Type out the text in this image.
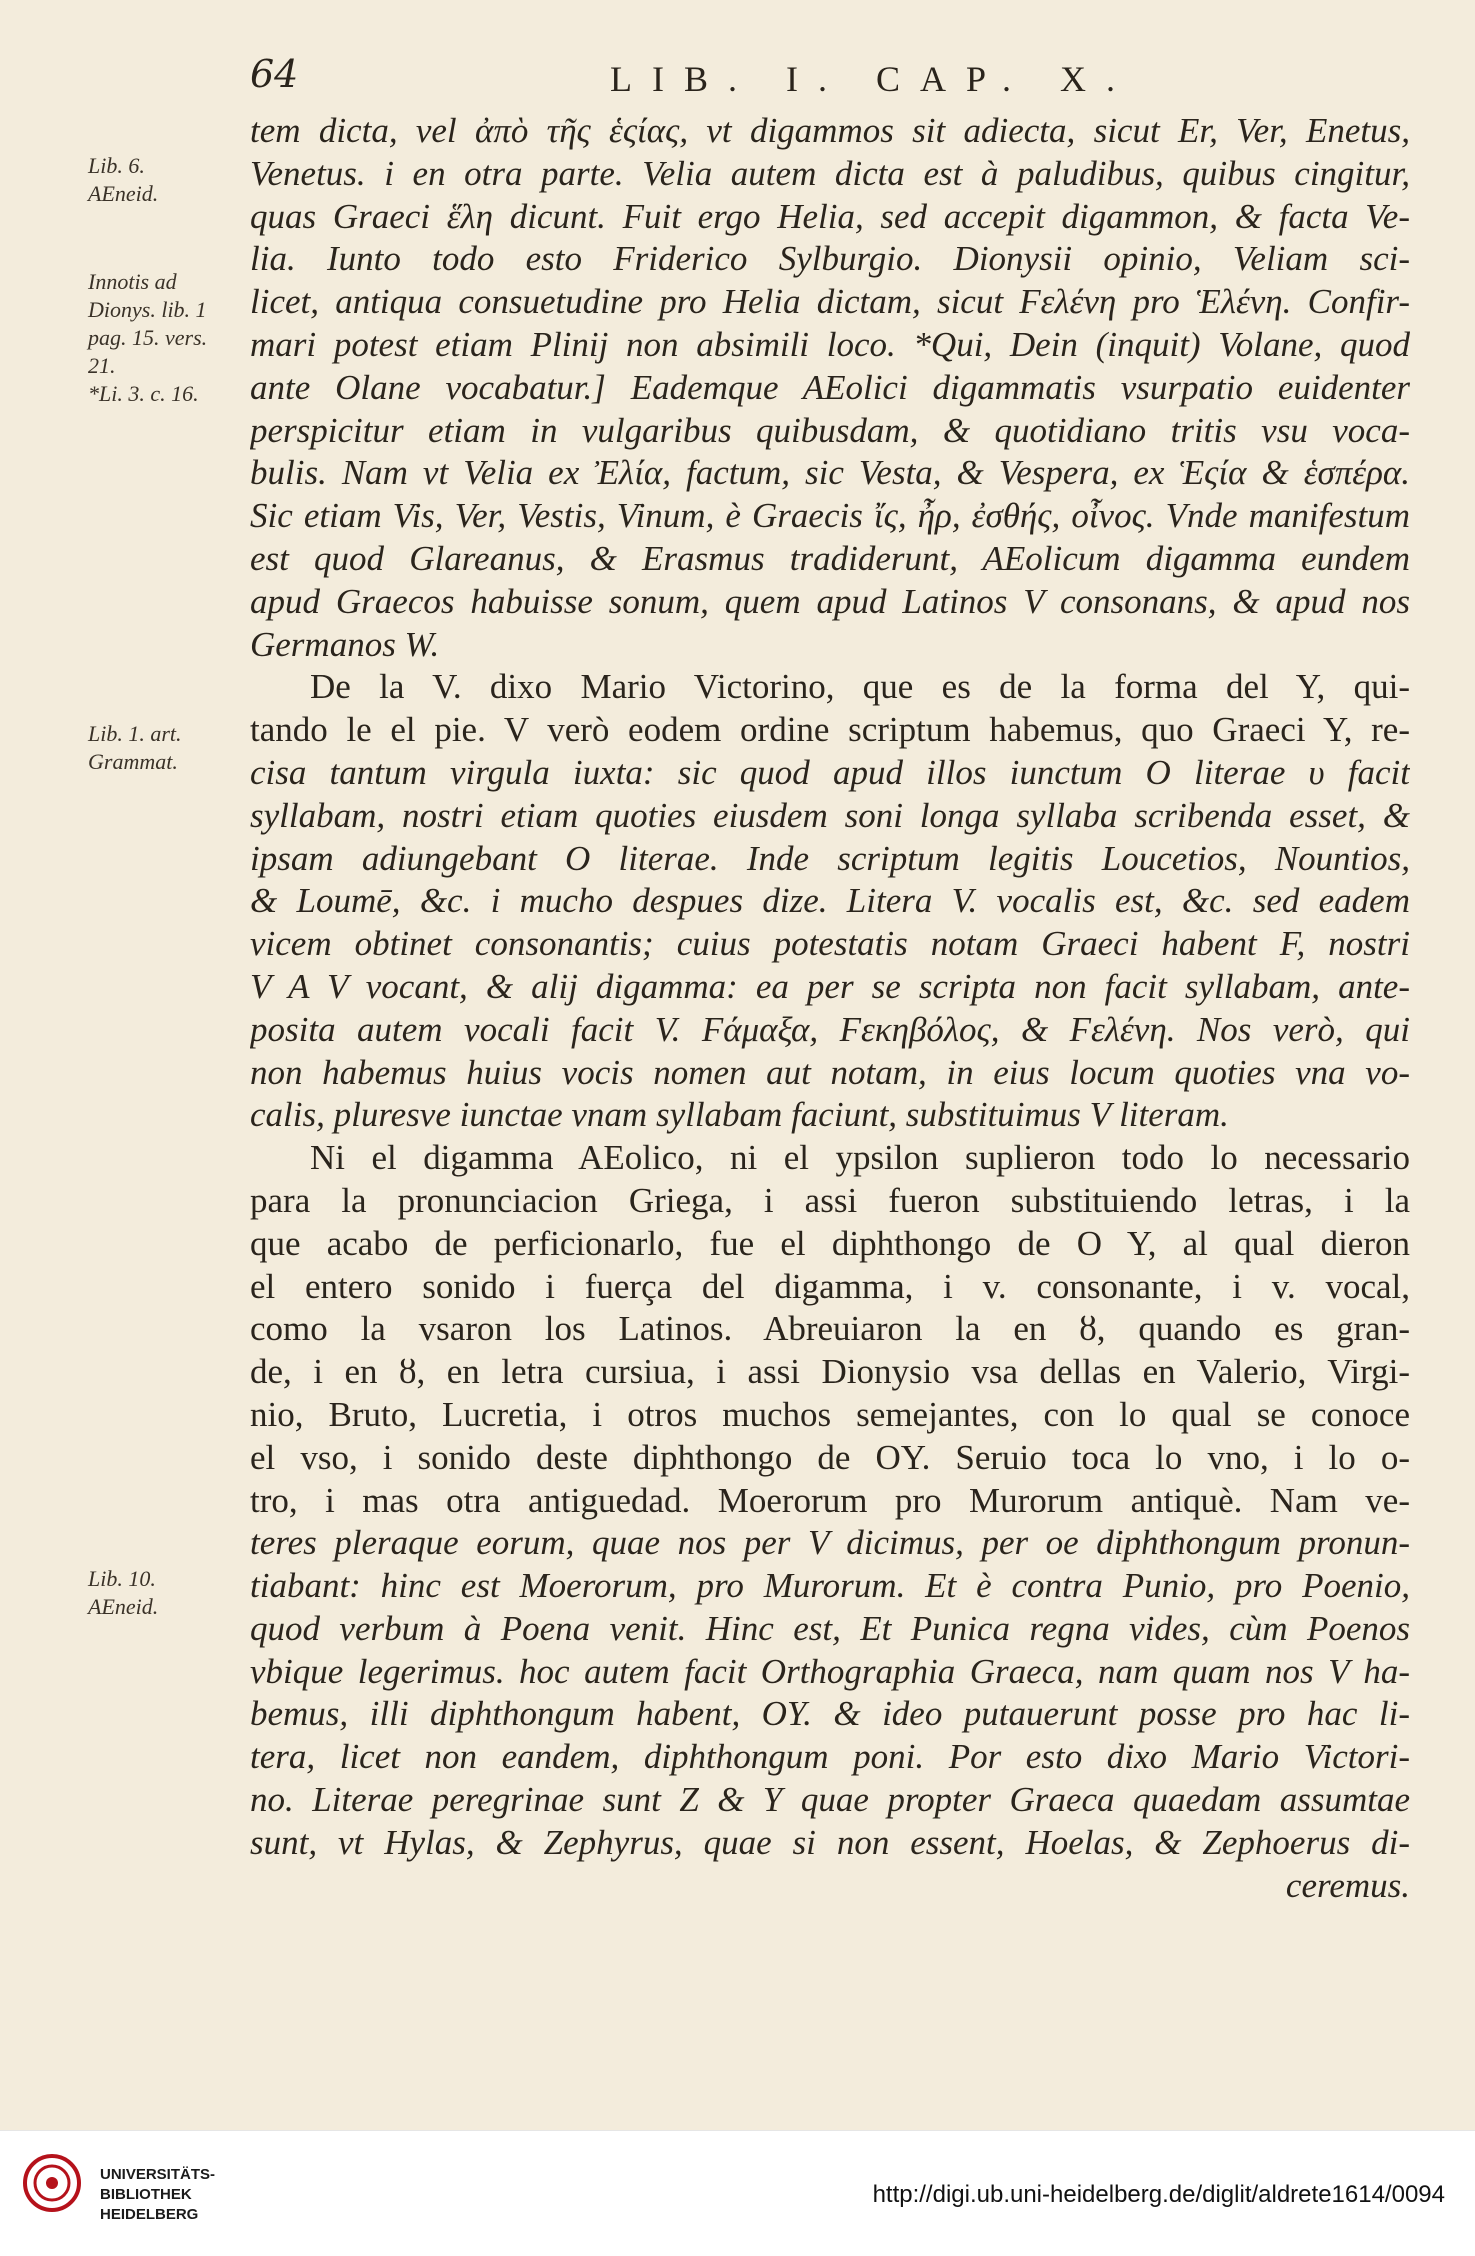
64	LIB. I. CAP. X.
Lib. 6.
AEneid.
Innotis ad
Dionys. lib. 1
pag. 15. vers.
21.
*Li. 3. c. 16.
Lib. 1. art.
Grammat.
Lib. 10.
AEneid.
tem dicta, vel ἀπὸ τῆς ἑςίας, vt digammos sit adiecta, sicut Er, Ver, Enetus,
Venetus. i en otra parte. Velia autem dicta est à paludibus, quibus cingitur,
quas Graeci ἕλη dicunt. Fuit ergo Helia, sed accepit digammon, & facta Ve-
lia. Iunto todo esto Friderico Sylburgio. Dionysii opinio, Veliam sci-
licet, antiqua consuetudine pro Helia dictam, sicut Ϝελένη pro Ἑλένη. Confir-
mari potest etiam Plinij non absimili loco. *Qui, Dein (inquit) Volane, quod
ante Olane vocabatur.] Eademque AEolici digammatis vsurpatio euidenter
perspicitur etiam in vulgaribus quibusdam, & quotidiano tritis vsu voca-
bulis. Nam vt Velia ex Ἐλία, factum, sic Vesta, & Vespera, ex Ἑςία & ἑσπέρα.
Sic etiam Vis, Ver, Vestis, Vinum, è Graecis ἴς, ἦρ, ἐσθής, οἶνος. Vnde manifestum
est quod Glareanus, & Erasmus tradiderunt, AEolicum digamma eundem
apud Graecos habuisse sonum, quem apud Latinos V consonans, & apud nos
Germanos W.
De la V. dixo Mario Victorino, que es de la forma del Y, qui-
tando le el pie. V verò eodem ordine scriptum habemus, quo Graeci Y, re-
cisa tantum virgula iuxta: sic quod apud illos iunctum O literae υ facit
syllabam, nostri etiam quoties eiusdem soni longa syllaba scribenda esset, &
ipsam adiungebant O literae. Inde scriptum legitis Loucetios, Nountios,
& Loumē, &c. i mucho despues dize. Litera V. vocalis est, &c. sed eadem
vicem obtinet consonantis; cuius potestatis notam Graeci habent F, nostri
V A V vocant, & alij digamma: ea per se scripta non facit syllabam, ante-
posita autem vocali facit V. Ϝάμαξα, Ϝεκηβόλος, & Ϝελένη. Nos verò, qui
non habemus huius vocis nomen aut notam, in eius locum quoties vna vo-
calis, pluresve iunctae vnam syllabam faciunt, substituimus V literam.
Ni el digamma AEolico, ni el ypsilon suplieron todo lo necessario
para la pronunciacion Griega, i assi fueron substituiendo letras, i la
que acabo de perficionarlo, fue el diphthongo de O Y, al qual dieron
el entero sonido i fuerça del digamma, i v. consonante, i v. vocal,
como la vsaron los Latinos. Abreuiaron la en ȣ, quando es gran-
de, i en ȣ, en letra cursiua, i assi Dionysio vsa dellas en Valerio, Virgi-
nio, Bruto, Lucretia, i otros muchos semejantes, con lo qual se conoce
el vso, i sonido deste diphthongo de OY. Seruio toca lo vno, i lo o-
tro, i mas otra antiguedad. Moerorum pro Murorum antiquè. Nam ve-
teres pleraque eorum, quae nos per V dicimus, per oe diphthongum pronun-
tiabant: hinc est Moerorum, pro Murorum. Et è contra Punio, pro Poenio,
quod verbum à Poena venit. Hinc est, Et Punica regna vides, cùm Poenos
vbique legerimus. hoc autem facit Orthographia Graeca, nam quam nos V ha-
bemus, illi diphthongum habent, OY. & ideo putauerunt posse pro hac li-
tera, licet non eandem, diphthongum poni. Por esto dixo Mario Victori-
no. Literae peregrinae sunt Z & Y quae propter Graeca quaedam assumtae
sunt, vt Hylas, & Zephyrus, quae si non essent, Hoelas, & Zephoerus di-
ceremus.
UNIVERSITÄTS-
BIBLIOTHEK
HEIDELBERG
http://digi.ub.uni-heidelberg.de/diglit/aldrete1614/0094
